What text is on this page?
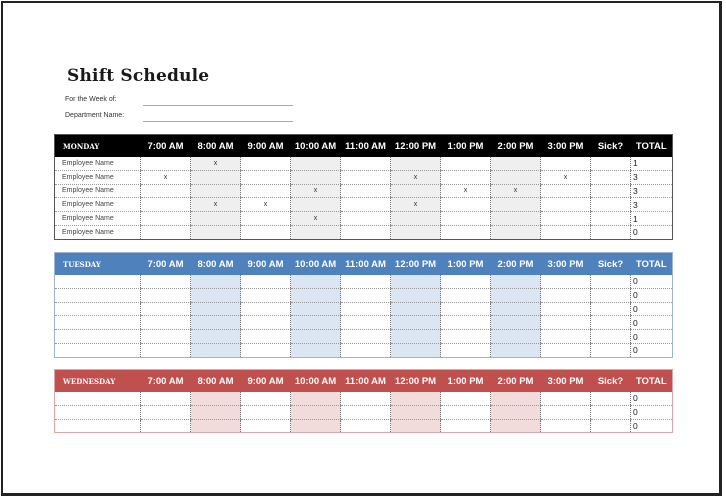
Shift Schedule
For the Week of:
Department Name:
MONDAY	7:00 AM	8:00 AM	9:00 AM	10:00 AM	11:00 AM	12:00 PM	1:00 PM	2:00 PM	3:00 PM	Sick?	TOTAL
Employee Name		x									1
Employee Name	x					x			x		3
Employee Name				x			x	x			3
Employee Name		x	x			x					3
Employee Name				x							1
Employee Name											0
TUESDAY	7:00 AM	8:00 AM	9:00 AM	10:00 AM	11:00 AM	12:00 PM	1:00 PM	2:00 PM	3:00 PM	Sick?	TOTAL
											0
											0
											0
											0
											0
											0
WEDNESDAY	7:00 AM	8:00 AM	9:00 AM	10:00 AM	11:00 AM	12:00 PM	1:00 PM	2:00 PM	3:00 PM	Sick?	TOTAL
											0
											0
											0
